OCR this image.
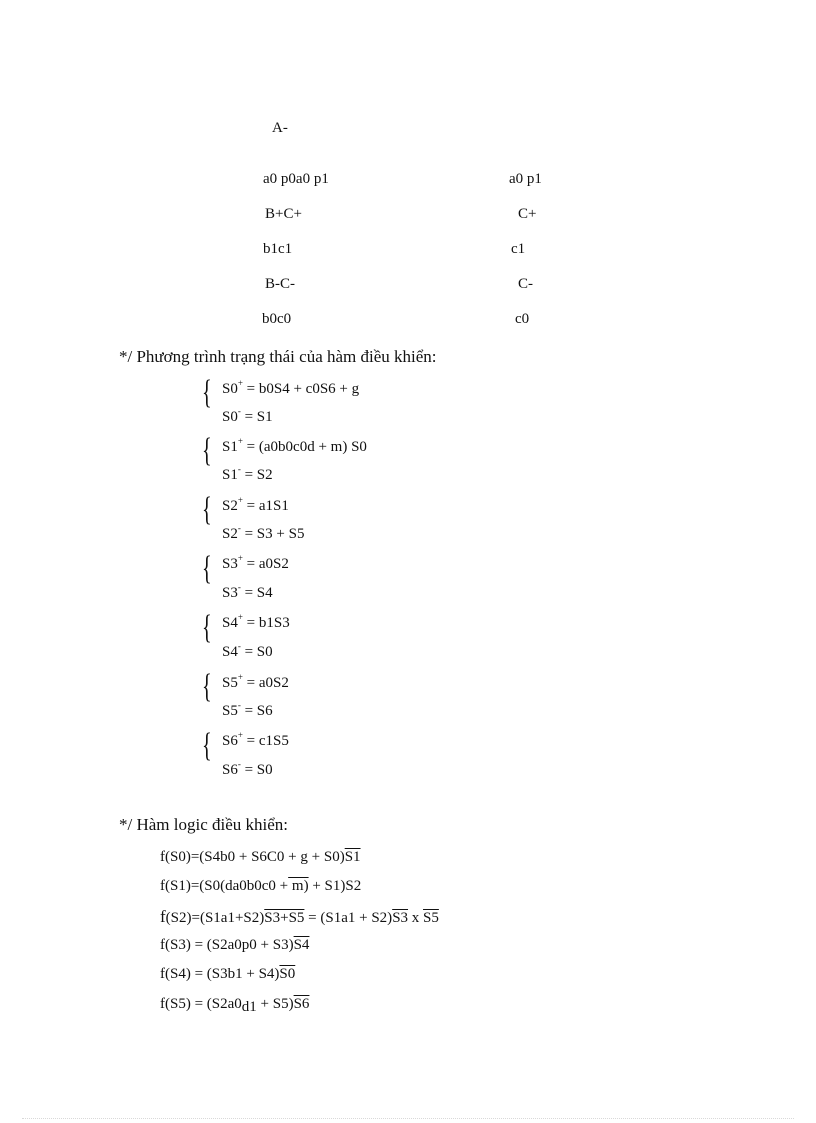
A-
a0 p0a0 p1
B+C+
b1c1
B-C-
b0c0
a0 p1
C+
c1
C-
c0
*/ Phương trình trạng thái của hàm điều khiển:
{ S0+ = b0S4 + c0S6 + g
S0- = S1
{ S1+ = (a0b0c0d + m) S0
S1- = S2
{ S2+ = a1S1
S2- = S3 + S5
{ S3+ = a0S2
S3- = S4
{ S4+ = b1S3
S4- = S0
{ S5+ = a0S2
S5- = S6
{ S6+ = c1S5
S6- = S0
*/ Hàm logic điều khiển:
f(S0)=(S4b0 + S6C0 + g + S0)S1
f(S1)=(S0(da0b0c0 + m) + S1)S2
f(S2)=(S1a1+S2)S3+S5 = (S1a1 + S2)S3 x S5
f(S3) = (S2a0p0 + S3)S4
f(S4) = (S3b1 + S4)S0
f(S5) = (S2a0d1 + S5)S6
